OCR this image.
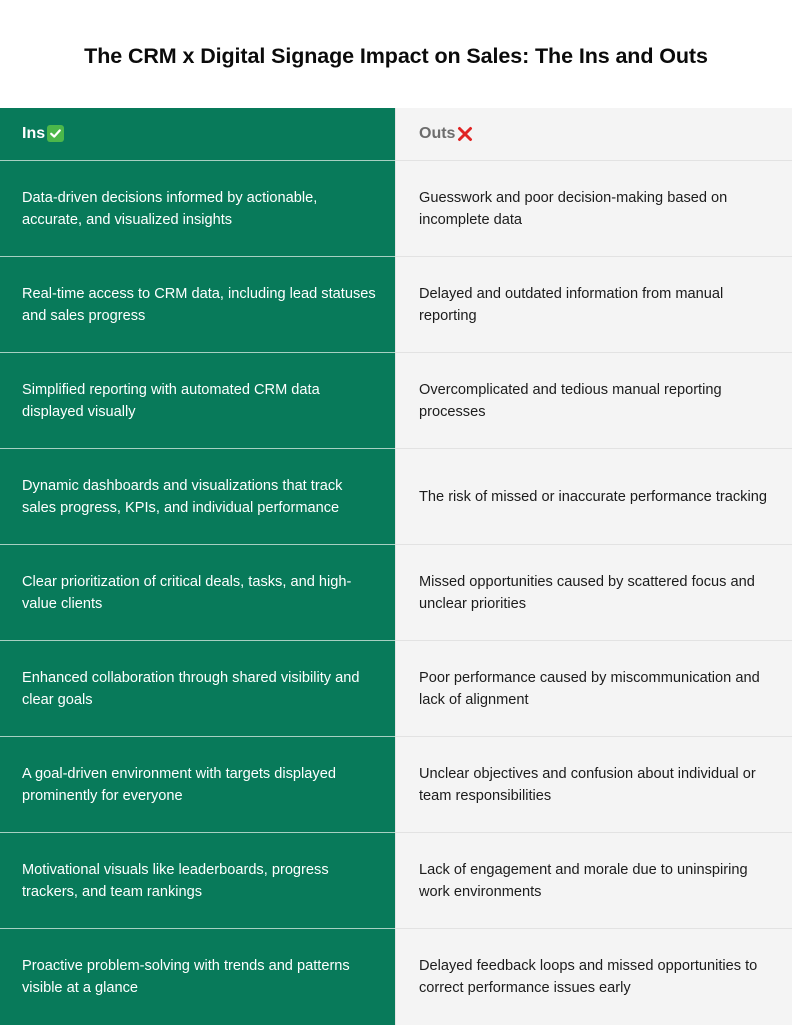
The CRM x Digital Signage Impact on Sales: The Ins and Outs
Ins	Outs
Data-driven decisions informed by actionable, accurate, and visualized insights
Guesswork and poor decision-making based on incomplete data
Real-time access to CRM data, including lead statuses and sales progress
Delayed and outdated information from manual reporting
Simplified reporting with automated CRM data displayed visually
Overcomplicated and tedious manual reporting processes
Dynamic dashboards and visualizations that track sales progress, KPIs, and individual performance
The risk of missed or inaccurate performance tracking
Clear prioritization of critical deals, tasks, and high-value clients
Missed opportunities caused by scattered focus and unclear priorities
Enhanced collaboration through shared visibility and clear goals
Poor performance caused by miscommunication and lack of alignment
A goal-driven environment with targets displayed prominently for everyone
Unclear objectives and confusion about individual or team responsibilities
Motivational visuals like leaderboards, progress trackers, and team rankings
Lack of engagement and morale due to uninspiring work environments
Proactive problem-solving with trends and patterns visible at a glance
Delayed feedback loops and missed opportunities to correct performance issues early
